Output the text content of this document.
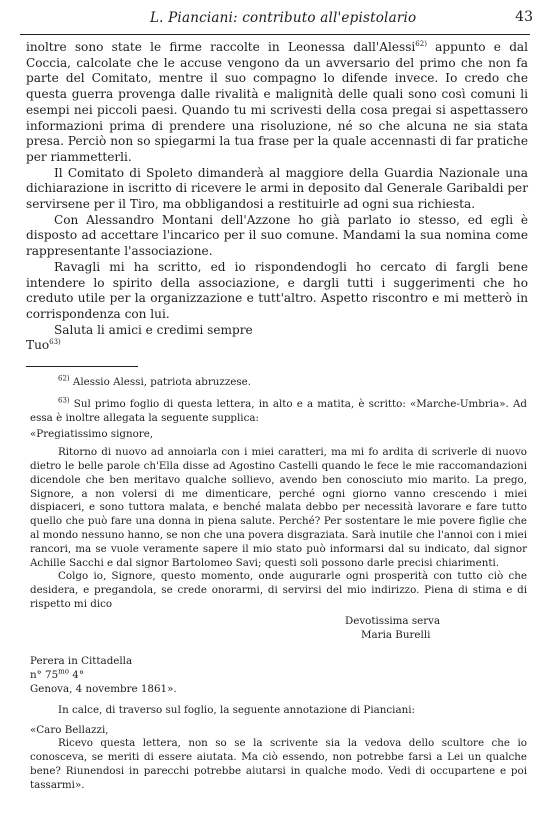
L. Pianciani: contributo all'epistolario	43

inoltre sono state le firme raccolte in Leonessa dall'Alessi$^{62)}$ appunto e dal Coccia, calcolate che le accuse vengono da un avversario del primo che non fa parte del Comitato, mentre il suo compagno lo difende invece. Io credo che questa guerra provenga dalle rivalità e malignità delle quali sono così comuni li esempi nei piccoli paesi. Quando tu mi scrivesti della cosa pregai si aspettassero informazioni prima di prendere una risoluzione, né so che alcuna ne sia stata presa. Perciò non so spiegarmi la tua frase per la quale accennasti di far pratiche per riammetterli.

Il Comitato di Spoleto dimanderà al maggiore della Guardia Nazionale una dichiarazione in iscritto di ricevere le armi in deposito dal Generale Garibaldi per servirsene per il Tiro, ma obbligandosi a restituirle ad ogni sua richiesta.

Con Alessandro Montani dell'Azzone ho già parlato io stesso, ed egli è disposto ad accettare l'incarico per il suo comune. Mandami la sua nomina come rappresentante l'associazione.

Ravagli mi ha scritto, ed io rispondendogli ho cercato di fargli bene intendere lo spirito della associazione, e dargli tutti i suggerimenti che ho creduto utile per la organizzazione e tutt'altro. Aspetto riscontro e mi metterò in corrispondenza con lui.

Saluta li amici e credimi sempre

Tuo$^{63)}$

$^{62)}$ Alessio Alessi, patriota abruzzese.

$^{63)}$ Sul primo foglio di questa lettera, in alto e a matita, è scritto: «Marche-Umbria». Ad essa è inoltre allegata la seguente supplica:

«Pregiatissimo signore,

Ritorno di nuovo ad annoiarla con i miei caratteri, ma mi fo ardita di scriverle di nuovo dietro le belle parole ch'Ella disse ad Agostino Castelli quando le fece le mie raccomandazioni dicendole che ben meritavo qualche sollievo, avendo ben conosciuto mio marito. La prego, Signore, a non volersi di me dimenticare, perché ogni giorno vanno crescendo i miei dispiaceri, e sono tuttora malata, e benché malata debbo per necessità lavorare e fare tutto quello che può fare una donna in piena salute. Perché? Per sostentare le mie povere figlie che al mondo nessuno hanno, se non che una povera disgraziata. Sarà inutile che l'annoi con i miei rancori, ma se vuole veramente sapere il mio stato può informarsi dal su indicato, dal signor Achille Sacchi e dal signor Bartolomeo Savi; questi soli possono darle precisi chiarimenti.

Colgo io, Signore, questo momento, onde augurarle ogni prosperità con tutto ciò che desidera, e pregandola, se crede onorarmi, di servirsi del mio indirizzo. Piena di stima e di rispetto mi dico

Devotissima serva
Maria Burelli
Perera in Cittadella
n° $75^{mo}$ 4°
Genova, 4 novembre 1861».

In calce, di traverso sul foglio, la seguente annotazione di Pianciani:

«Caro Bellazzi,

Ricevo questa lettera, non so se la scrivente sia la vedova dello scultore che io conosceva, se meriti di essere aiutata. Ma ciò essendo, non potrebbe farsi a Lei un qualche bene? Riunendosi in parecchi potrebbe aiutarsi in qualche modo. Vedi di occupartene e poi tassarmi».
